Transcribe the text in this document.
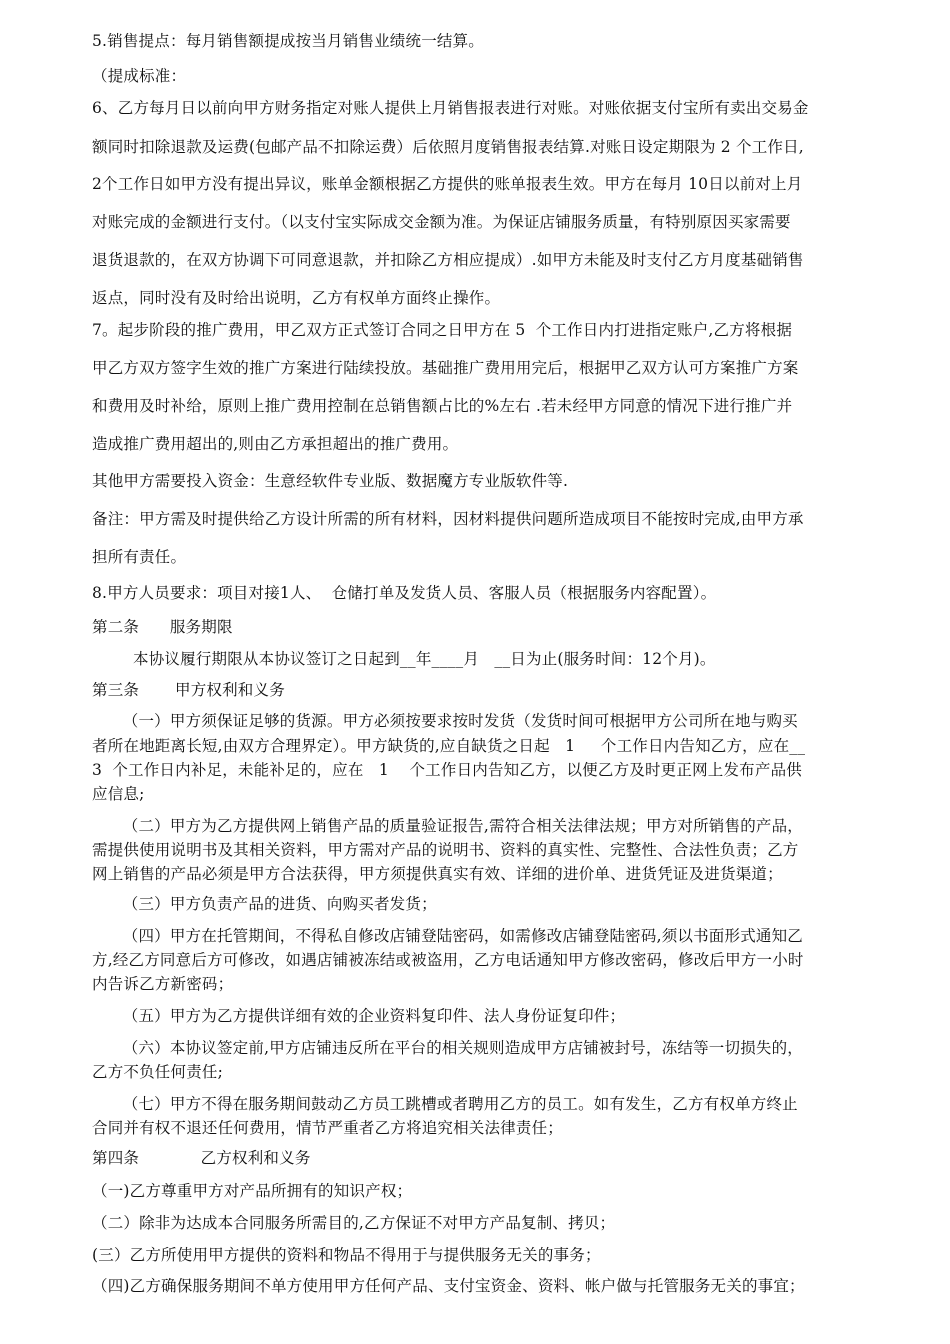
5.销售提点：每月销售额提成按当月销售业绩统一结算。
（提成标准：
6、乙方每月日以前向甲方财务指定对账人提供上月销售报表进行对账。对账依据支付宝所有卖出交易金
额同时扣除退款及运费(包邮产品不扣除运费）后依照月度销售报表结算.对账日设定期限为 2 个工作日,
2个工作日如甲方没有提出异议，账单金额根据乙方提供的账单报表生效。甲方在每月 10日以前对上月
对账完成的金额进行支付。（以支付宝实际成交金额为准。为保证店铺服务质量，有特别原因买家需要
退货退款的，在双方协调下可同意退款，并扣除乙方相应提成）.如甲方未能及时支付乙方月度基础销售
返点，同时没有及时给出说明，乙方有权单方面终止操作。
7。起步阶段的推广费用，甲乙双方正式签订合同之日甲方在 5  个工作日内打进指定账户,乙方将根据
甲乙方双方签字生效的推广方案进行陆续投放。基础推广费用用完后，根据甲乙双方认可方案推广方案
和费用及时补给，原则上推广费用控制在总销售额占比的%左右 .若未经甲方同意的情况下进行推广并
造成推广费用超出的,则由乙方承担超出的推广费用。
其他甲方需要投入资金：生意经软件专业版、数据魔方专业版软件等.
备注：甲方需及时提供给乙方设计所需的所有材料，因材料提供问题所造成项目不能按时完成,由甲方承
担所有责任。
8.甲方人员要求：项目对接1人、  仓储打单及发货人员、客服人员（根据服务内容配置）。
第二条      服务期限
本协议履行期限从本协议签订之日起到__年____月   __日为止(服务时间：12个月)。
第三条       甲方权利和义务
（一）甲方须保证足够的货源。甲方必须按要求按时发货（发货时间可根据甲方公司所在地与购买
者所在地距离长短,由双方合理界定）。甲方缺货的,应自缺货之日起   1     个工作日内告知乙方，应在__
3  个工作日内补足，未能补足的，应在   1    个工作日内告知乙方，以便乙方及时更正网上发布产品供
应信息;
（二）甲方为乙方提供网上销售产品的质量验证报告,需符合相关法律法规；甲方对所销售的产品，
需提供使用说明书及其相关资料，甲方需对产品的说明书、资料的真实性、完整性、合法性负责；乙方
网上销售的产品必须是甲方合法获得，甲方须提供真实有效、详细的进价单、进货凭证及进货渠道；
（三）甲方负责产品的进货、向购买者发货；
（四）甲方在托管期间，不得私自修改店铺登陆密码，如需修改店铺登陆密码,须以书面形式通知乙
方,经乙方同意后方可修改，如遇店铺被冻结或被盗用，乙方电话通知甲方修改密码，修改后甲方一小时
内告诉乙方新密码；
（五）甲方为乙方提供详细有效的企业资料复印件、法人身份证复印件；
（六）本协议签定前,甲方店铺违反所在平台的相关规则造成甲方店铺被封号，冻结等一切损失的，
乙方不负任何责任;
（七）甲方不得在服务期间鼓动乙方员工跳槽或者聘用乙方的员工。如有发生，乙方有权单方终止
合同并有权不退还任何费用，情节严重者乙方将追究相关法律责任；
第四条            乙方权利和义务
（一)乙方尊重甲方对产品所拥有的知识产权；
（二）除非为达成本合同服务所需目的,乙方保证不对甲方产品复制、拷贝；
(三）乙方所使用甲方提供的资料和物品不得用于与提供服务无关的事务；
（四)乙方确保服务期间不单方使用甲方任何产品、支付宝资金、资料、帐户做与托管服务无关的事宜；
